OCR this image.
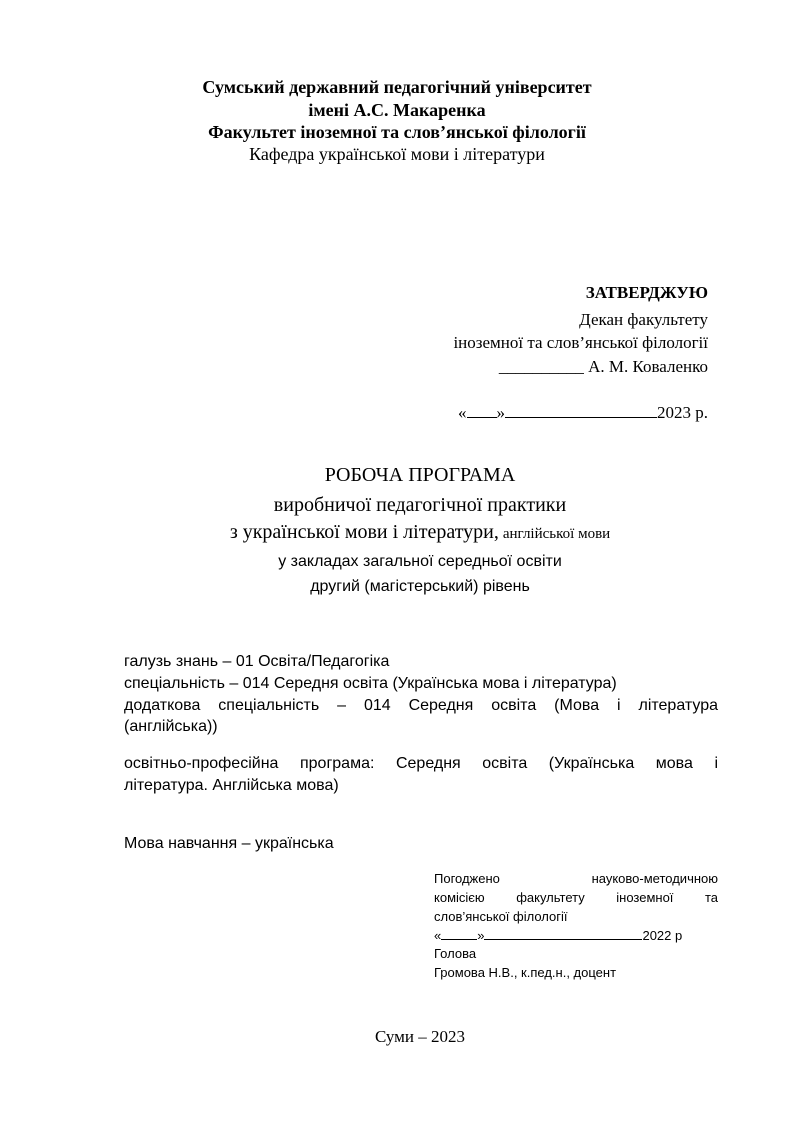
Сумський державний педагогічний університет
імені А.С. Макаренка
Факультет іноземної та слов’янської філології
Кафедра української мови і літератури
ЗАТВЕРДЖУЮ
Декан факультету
іноземної та слов’янської філології
__________ А. М. Коваленко
« »	2023 р.
РОБОЧА ПРОГРАМА
виробничої педагогічної практики
з української мови і літератури, англійської мови
у закладах загальної середньої освіти
другий (магістерський) рівень
галузь знань – 01 Освіта/Педагогіка
спеціальність – 014 Середня освіта (Українська мова і література)
додаткова спеціальність – 014 Середня освіта (Мова і література
(англійська))
освітньо-професійна програма: Середня освіта (Українська мова і
література. Англійська мова)
Мова навчання – українська
Погоджено науково-методичною
комісією факультету іноземної та
слов’янської філології
«	»	2022 р
Голова
Громова Н.В., к.пед.н., доцент
Суми – 2023
